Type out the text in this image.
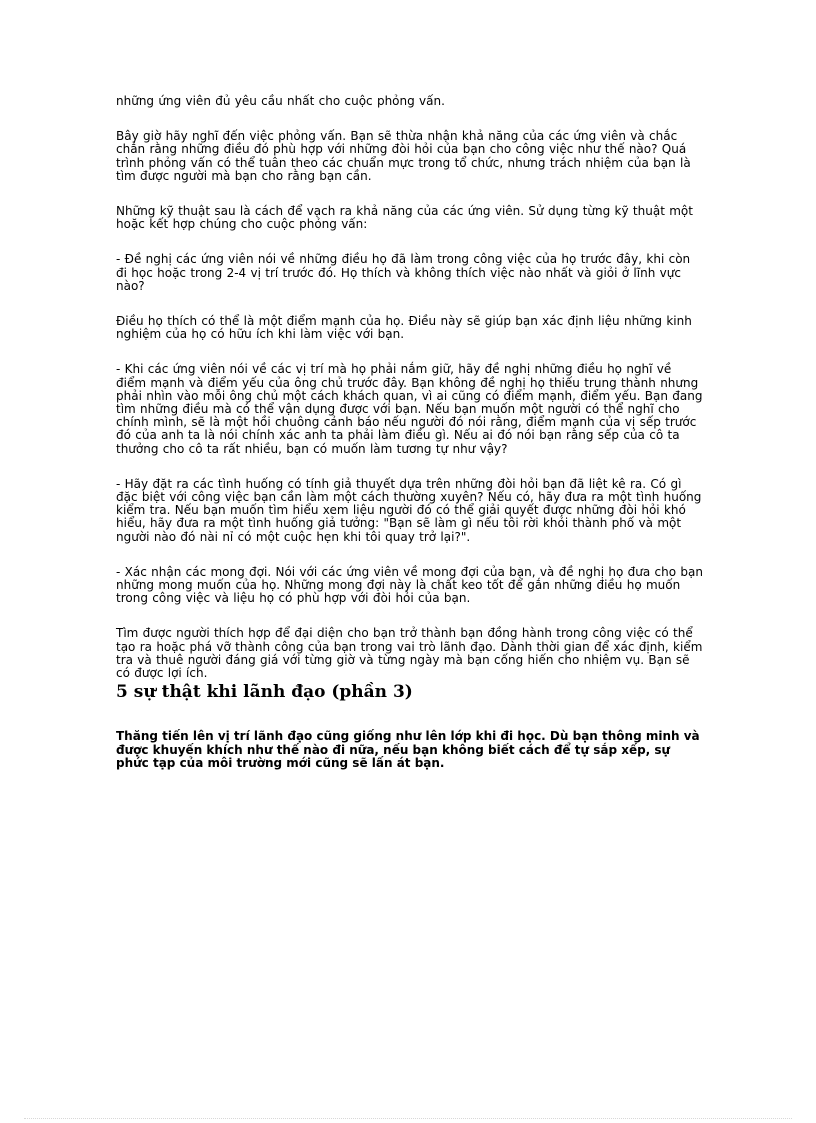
những ứng viên đủ yêu cầu nhất cho cuộc phỏng vấn.

Bây giờ hãy nghĩ đến việc phỏng vấn. Bạn sẽ thừa nhận khả năng của các ứng viên và chắc chắn rằng những điều đó phù hợp với những đòi hỏi của bạn cho công việc như thế nào? Quá trình phỏng vấn có thể tuân theo các chuẩn mực trong tổ chức, nhưng trách nhiệm của bạn là tìm được người mà bạn cho rằng bạn cần.

Những kỹ thuật sau là cách để vạch ra khả năng của các ứng viên. Sử dụng từng kỹ thuật một hoặc kết hợp chúng cho cuộc phỏng vấn:

- Đề nghị các ứng viên nói về những điều họ đã làm trong công việc của họ trước đây, khi còn đi học hoặc trong 2-4 vị trí trước đó. Họ thích và không thích việc nào nhất và giỏi ở lĩnh vực nào?

Điều họ thích có thể là một điểm mạnh của họ. Điều này sẽ giúp bạn xác định liệu những kinh nghiệm của họ có hữu ích khi làm việc với bạn.

- Khi các ứng viên nói về các vị trí mà họ phải nắm giữ, hãy đề nghị những điều họ nghĩ về điểm mạnh và điểm yếu của ông chủ trước đây. Bạn không đề nghị họ thiếu trung thành nhưng phải nhìn vào mỗi ông chủ một cách khách quan, vì ai cũng có điểm mạnh, điểm yếu. Bạn đang tìm những điều mà có thể vận dụng được với bạn. Nếu bạn muốn một người có thể nghĩ cho chính mình, sẽ là một hồi chuông cảnh báo nếu người đó nói rằng, điểm mạnh của vị sếp trước đó của anh ta là nói chính xác anh ta phải làm điều gì. Nếu ai đó nói bạn rằng sếp của cô ta thưởng cho cô ta rất nhiều, bạn có muốn làm tương tự như vậy?

- Hãy đặt ra các tình huống có tính giả thuyết dựa trên những đòi hỏi bạn đã liệt kê ra. Có gì đặc biệt với công việc bạn cần làm một cách thường xuyên? Nếu có, hãy đưa ra một tình huống kiểm tra. Nếu bạn muốn tìm hiểu xem liệu người đó có thể giải quyết được những đòi hỏi khó hiểu, hãy đưa ra một tình huống giả tưởng: "Bạn sẽ làm gì nếu tôi rời khỏi thành phố và một người nào đó nài nỉ có một cuộc hẹn khi tôi quay trở lại?".

- Xác nhận các mong đợi. Nói với các ứng viên về mong đợi của bạn, và đề nghị họ đưa cho bạn những mong muốn của họ. Những mong đợi này là chất keo tốt để gắn những điều họ muốn trong công việc và liệu họ có phù hợp với đòi hỏi của bạn.

Tìm được người thích hợp để đại diện cho bạn trở thành bạn đồng hành trong công việc có thể tạo ra hoặc phá vỡ thành công của bạn trong vai trò lãnh đạo. Dành thời gian để xác định, kiểm tra và thuê người đáng giá với từng giờ và từng ngày mà bạn cống hiến cho nhiệm vụ. Bạn sẽ có được lợi ích.

5 sự thật khi lãnh đạo (phần 3)

Thăng tiến lên vị trí lãnh đạo cũng giống như lên lớp khi đi học. Dù bạn thông minh và được khuyến khích như thế nào đi nữa, nếu bạn không biết cách để tự sắp xếp, sự phức tạp của môi trường mới cũng sẽ lấn át bạn.
